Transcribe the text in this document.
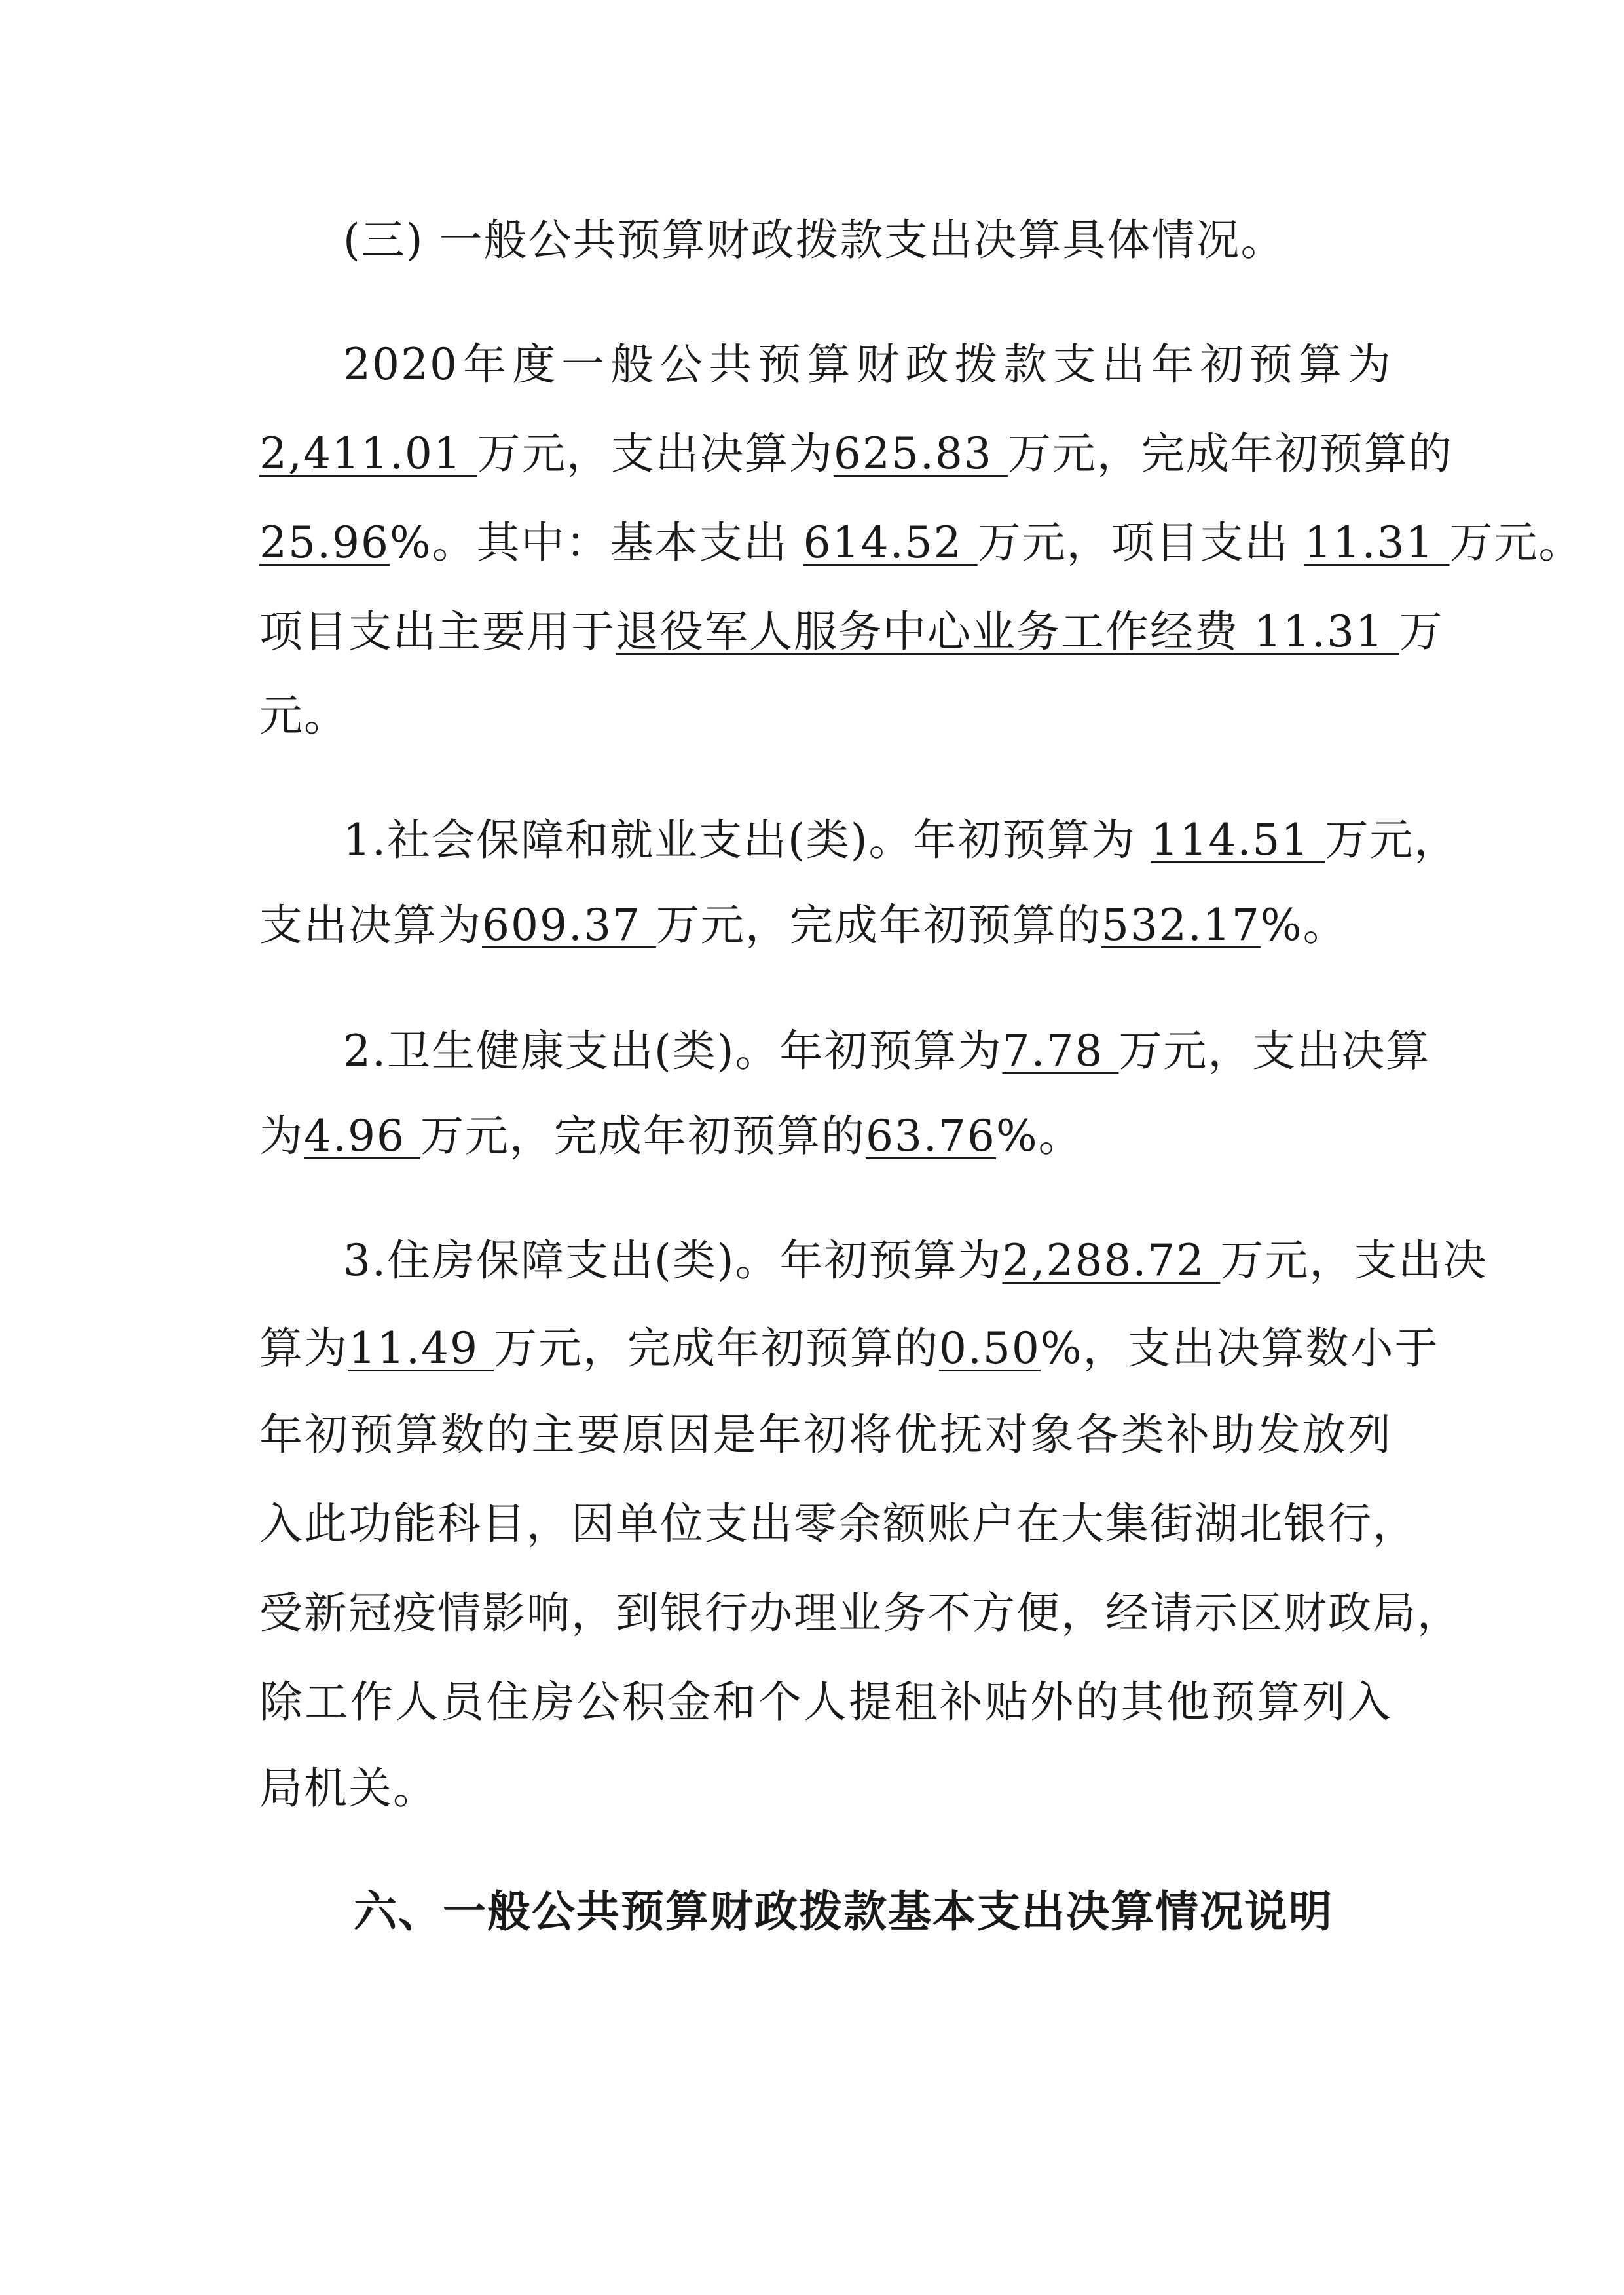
(三) 一般公共预算财政拨款支出决算具体情况。
2020 年 度 一 般 公 共 预 算 财 政 拨 款 支 出 年 初 预 算 为
2,411.01 万元，支出决算为 625.83 万元，完成年初预算的
25.96%。其中：基本支出 614.52 万元，项目支出 11.31 万元。
项目支出主要用于退役军人服务中心业务工作经费 11.31 万
元。
1.社会保障和就业支出(类)。年初预算为 114.51 万元，
支出决算为609.37 万元，完成年初预算的532.17%。
2.卫生健康支出(类)。年初预算为7.78 万元，支出决算
为4.96 万元，完成年初预算的63.76%。
3.住房保障支出(类)。年初预算为2,288.72 万元，支出决
算为11.49 万元，完成年初预算的0.50%，支出决算数小于
年 初 预 算 数 的 主 要 原 因 是 年 初 将 优 抚 对 象 各 类 补 助 发 放 列
入 此 功 能 科 目 ， 因 单 位 支 出 零 余 额 账 户 在 大 集 街 湖 北 银 行 ，
受 新 冠 疫 情 影 响 ， 到 银 行 办 理 业 务 不 方 便 ， 经 请 示 区 财 政 局 ，
除 工 作 人 员 住 房 公 积 金 和 个 人 提 租 补 贴 外 的 其 他 预 算 列 入
局机关。
六、一般公共预算财政拨款基本支出决算情况说明
